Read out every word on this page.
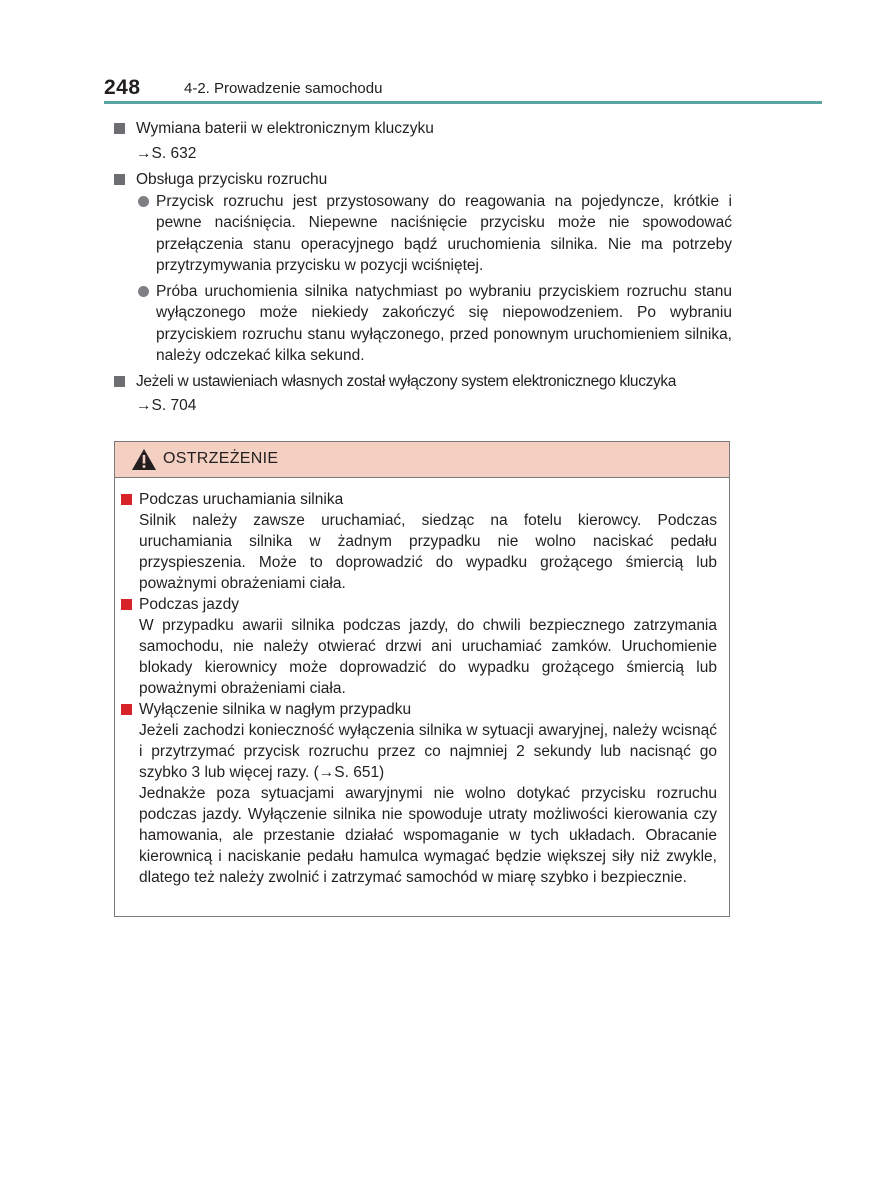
248	4-2. Prowadzenie samochodu

Wymiana baterii w elektronicznym kluczyku

→S. 632

Obsługa przycisku rozruchu

Przycisk rozruchu jest przystosowany do reagowania na pojedyncze, krótkie i pewne naciśnięcia. Niepewne naciśnięcie przycisku może nie spowodować przełączenia stanu operacyjnego bądź uruchomienia silnika. Nie ma potrzeby przytrzymywania przycisku w pozycji wciśniętej.

Próba uruchomienia silnika natychmiast po wybraniu przyciskiem rozruchu stanu wyłączonego może niekiedy zakończyć się niepowodzeniem. Po wybraniu przyciskiem rozruchu stanu wyłączonego, przed ponownym uruchomieniem silnika, należy odczekać kilka sekund.

Jeżeli w ustawieniach własnych został wyłączony system elektronicznego kluczyka

→S. 704

OSTRZEŻENIE

Podczas uruchamiania silnika

Silnik należy zawsze uruchamiać, siedząc na fotelu kierowcy. Podczas uruchamiania silnika w żadnym przypadku nie wolno naciskać pedału przyspieszenia. Może to doprowadzić do wypadku grożącego śmiercią lub poważnymi obrażeniami ciała.

Podczas jazdy

W przypadku awarii silnika podczas jazdy, do chwili bezpiecznego zatrzymania samochodu, nie należy otwierać drzwi ani uruchamiać zamków. Uruchomienie blokady kierownicy może doprowadzić do wypadku grożącego śmiercią lub poważnymi obrażeniami ciała.

Wyłączenie silnika w nagłym przypadku

Jeżeli zachodzi konieczność wyłączenia silnika w sytuacji awaryjnej, należy wcisnąć i przytrzymać przycisk rozruchu przez co najmniej 2 sekundy lub nacisnąć go szybko 3 lub więcej razy. (→S. 651)

Jednakże poza sytuacjami awaryjnymi nie wolno dotykać przycisku rozruchu podczas jazdy. Wyłączenie silnika nie spowoduje utraty możliwości kierowania czy hamowania, ale przestanie działać wspomaganie w tych układach. Obracanie kierownicą i naciskanie pedału hamulca wymagać będzie większej siły niż zwykle, dlatego też należy zwolnić i zatrzymać samochód w miarę szybko i bezpiecznie.
